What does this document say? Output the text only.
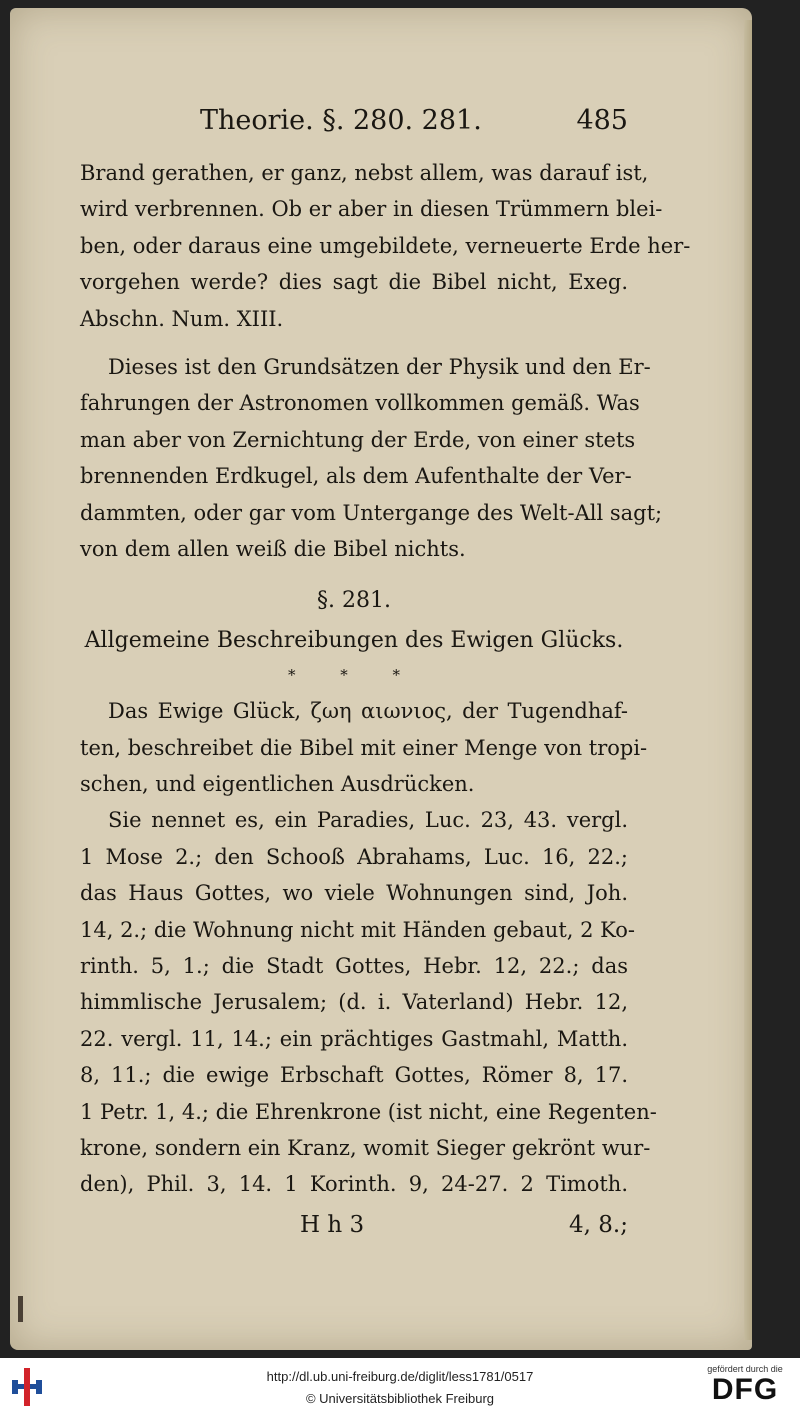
Theorie. §. 280. 281.	485
Brand gerathen, er ganz, nebst allem, was darauf ist,
wird verbrennen. Ob er aber in diesen Trümmern blei-
ben, oder daraus eine umgebildete, verneuerte Erde her-
vorgehen werde? dies sagt die Bibel nicht, Exeg.
Abschn. Num. XIII.
Dieses ist den Grundsätzen der Physik und den Er-
fahrungen der Astronomen vollkommen gemäß. Was
man aber von Zernichtung der Erde, von einer stets
brennenden Erdkugel, als dem Aufenthalte der Ver-
dammten, oder gar vom Untergange des Welt-All sagt;
von dem allen weiß die Bibel nichts.
§. 281.
Allgemeine Beschreibungen des Ewigen Glücks.
* * *
Das Ewige Glück, ζωη αιωνιος, der Tugendhaf-
ten, beschreibet die Bibel mit einer Menge von tropi-
schen, und eigentlichen Ausdrücken.
Sie nennet es, ein Paradies, Luc. 23, 43. vergl.
1 Mose 2.; den Schooß Abrahams, Luc. 16, 22.;
das Haus Gottes, wo viele Wohnungen sind, Joh.
14, 2.; die Wohnung nicht mit Händen gebaut, 2 Ko-
rinth. 5, 1.; die Stadt Gottes, Hebr. 12, 22.; das
himmlische Jerusalem; (d. i. Vaterland) Hebr. 12,
22. vergl. 11, 14.; ein prächtiges Gastmahl, Matth.
8, 11.; die ewige Erbschaft Gottes, Römer 8, 17.
1 Petr. 1, 4.; die Ehrenkrone (ist nicht, eine Regenten-
krone, sondern ein Kranz, womit Sieger gekrönt wur-
den), Phil. 3, 14. 1 Korinth. 9, 24-27. 2 Timoth.
H h 3	4, 8.;
http://dl.ub.uni-freiburg.de/diglit/less1781/0517
© Universitätsbibliothek Freiburg
gefördert durch die
DFG
